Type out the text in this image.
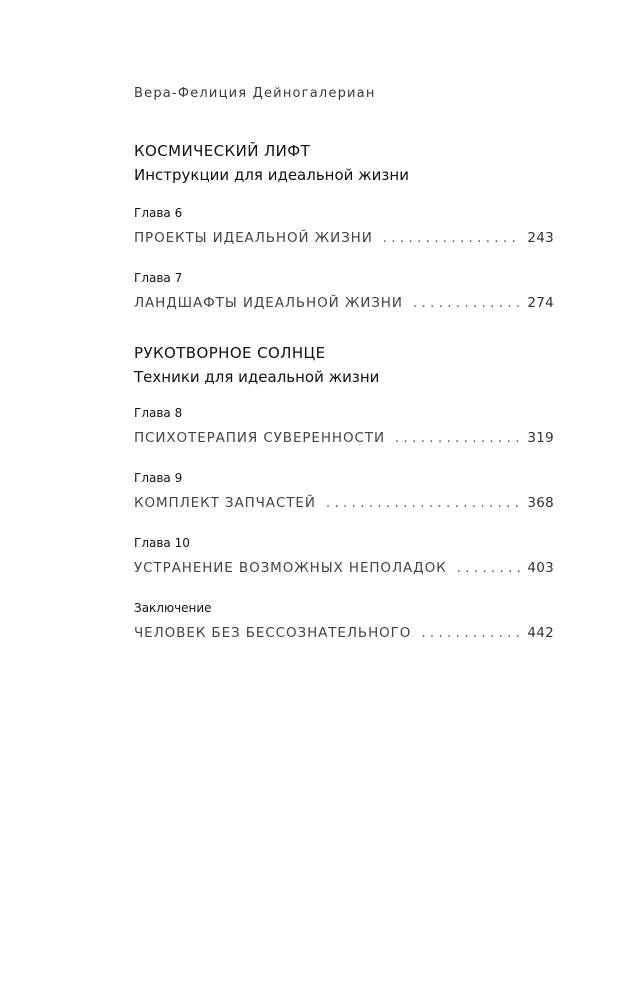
Вера-Фелиция Дейногалериан
КОСМИЧЕСКИЙ ЛИФТ
Инструкции для идеальной жизни
Глава 6
ПРОЕКТЫ ИДЕАЛЬНОЙ ЖИЗНИ . . .	243
Глава 7
ЛАНДШАФТЫ ИДЕАЛЬНОЙ ЖИЗНИ . . .	274
РУКОТВОРНОЕ СОЛНЦЕ
Техники для идеальной жизни
Глава 8
ПСИХОТЕРАПИЯ СУВЕРЕННОСТИ . . .	319
Глава 9
КОМПЛЕКТ ЗАПЧАСТЕЙ . . .	368
Глава 10
УСТРАНЕНИЕ ВОЗМОЖНЫХ НЕПОЛАДОК . . .	403
Заключение
ЧЕЛОВЕК БЕЗ БЕССОЗНАТЕЛЬНОГО . . .	442
